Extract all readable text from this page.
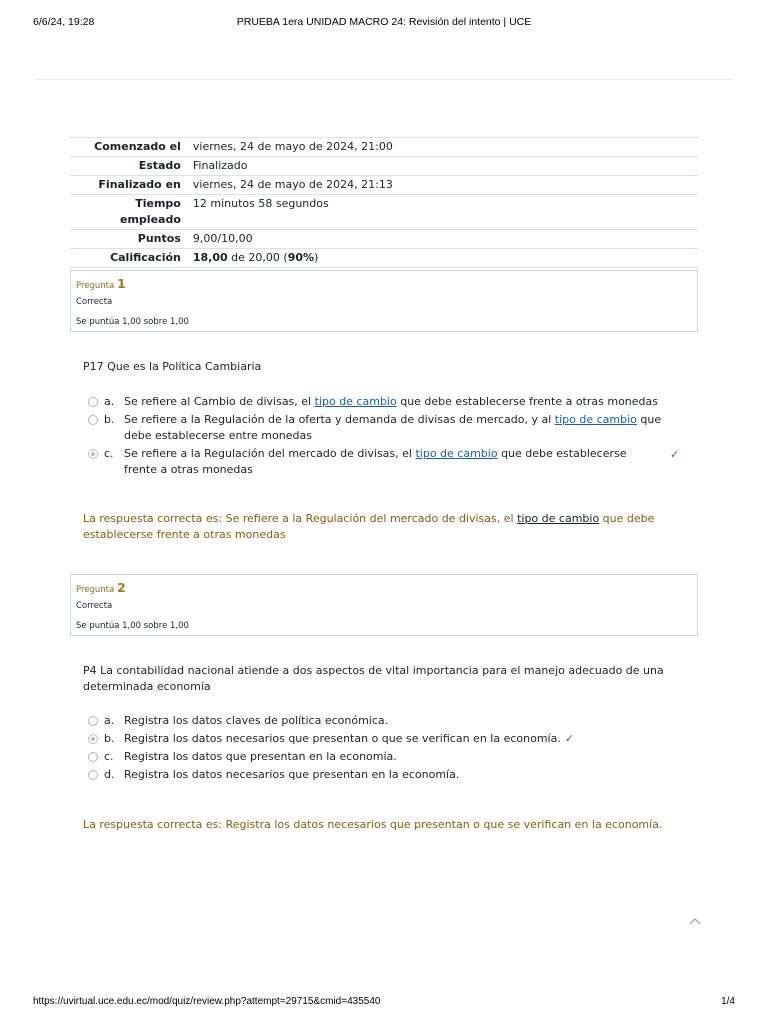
6/6/24, 19:28	PRUEBA 1era UNIDAD MACRO 24: Revisión del intento | UCE
Comenzado el	viernes, 24 de mayo de 2024, 21:00
Estado	Finalizado
Finalizado en	viernes, 24 de mayo de 2024, 21:13
Tiempo empleado	12 minutos 58 segundos
Puntos	9,00/10,00
Calificación	18,00 de 20,00 (90%)
Pregunta 1
Correcta
Se puntúa 1,00 sobre 1,00
P17 Que es la Política Cambiaria
a. Se refiere al Cambio de divisas, el tipo de cambio que debe establecerse frente a otras monedas
b. Se refiere a la Regulación de la oferta y demanda de divisas de mercado, y al tipo de cambio que debe establecerse entre monedas
c. Se refiere a la Regulación del mercado de divisas, el tipo de cambio que debe establecerse frente a otras monedas
✓
La respuesta correcta es: Se refiere a la Regulación del mercado de divisas, el tipo de cambio que debe establecerse frente a otras monedas
Pregunta 2
Correcta
Se puntúa 1,00 sobre 1,00
P4 La contabilidad nacional atiende a dos aspectos de vital importancia para el manejo adecuado de una determinada economía
a. Registra los datos claves de política económica.
b. Registra los datos necesarios que presentan o que se verifican en la economía. ✓
c. Registra los datos que presentan en la economía.
d. Registra los datos necesarios que presentan en la economía.
La respuesta correcta es: Registra los datos necesarios que presentan o que se verifican en la economía.
https://uvirtual.uce.edu.ec/mod/quiz/review.php?attempt=29715&cmid=435540	1/4
